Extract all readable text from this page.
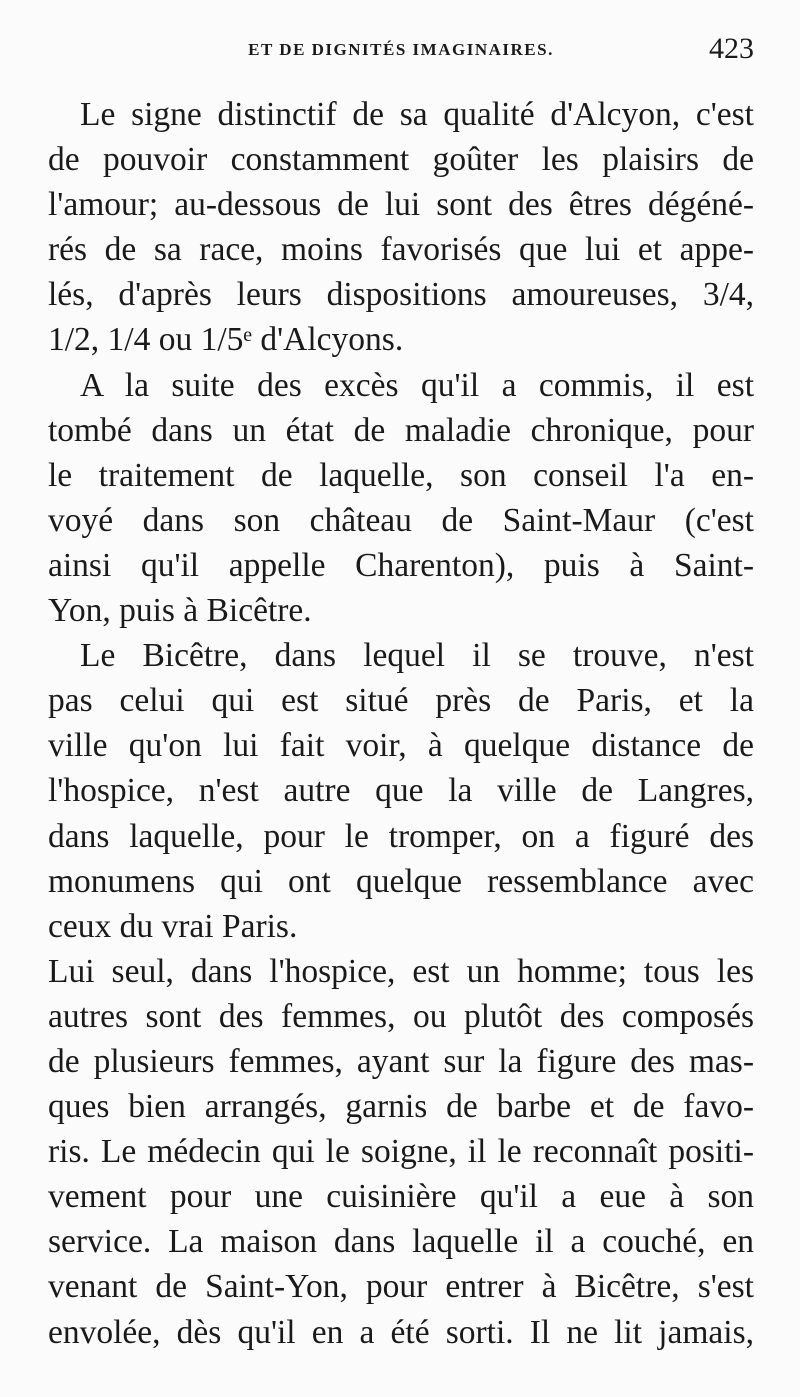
ET DE DIGNITÉS IMAGINAIRES.	423
Le signe distinctif de sa qualité d'Alcyon, c'est
de pouvoir constamment goûter les plaisirs de
l'amour; au-dessous de lui sont des êtres dégéné-
rés de sa race, moins favorisés que lui et appe-
lés, d'après leurs dispositions amoureuses, 3/4,
1/2, 1/4 ou 1/5ᵉ d'Alcyons.
A la suite des excès qu'il a commis, il est
tombé dans un état de maladie chronique, pour
le traitement de laquelle, son conseil l'a en-
voyé dans son château de Saint-Maur (c'est
ainsi qu'il appelle Charenton), puis à Saint-
Yon, puis à Bicêtre.
Le Bicêtre, dans lequel il se trouve, n'est
pas celui qui est situé près de Paris, et la
ville qu'on lui fait voir, à quelque distance de
l'hospice, n'est autre que la ville de Langres,
dans laquelle, pour le tromper, on a figuré des
monumens qui ont quelque ressemblance avec
ceux du vrai Paris.
Lui seul, dans l'hospice, est un homme; tous les
autres sont des femmes, ou plutôt des composés
de plusieurs femmes, ayant sur la figure des mas-
ques bien arrangés, garnis de barbe et de favo-
ris. Le médecin qui le soigne, il le reconnaît positi-
vement pour une cuisinière qu'il a eue à son
service. La maison dans laquelle il a couché, en
venant de Saint-Yon, pour entrer à Bicêtre, s'est
envolée, dès qu'il en a été sorti. Il ne lit jamais,
